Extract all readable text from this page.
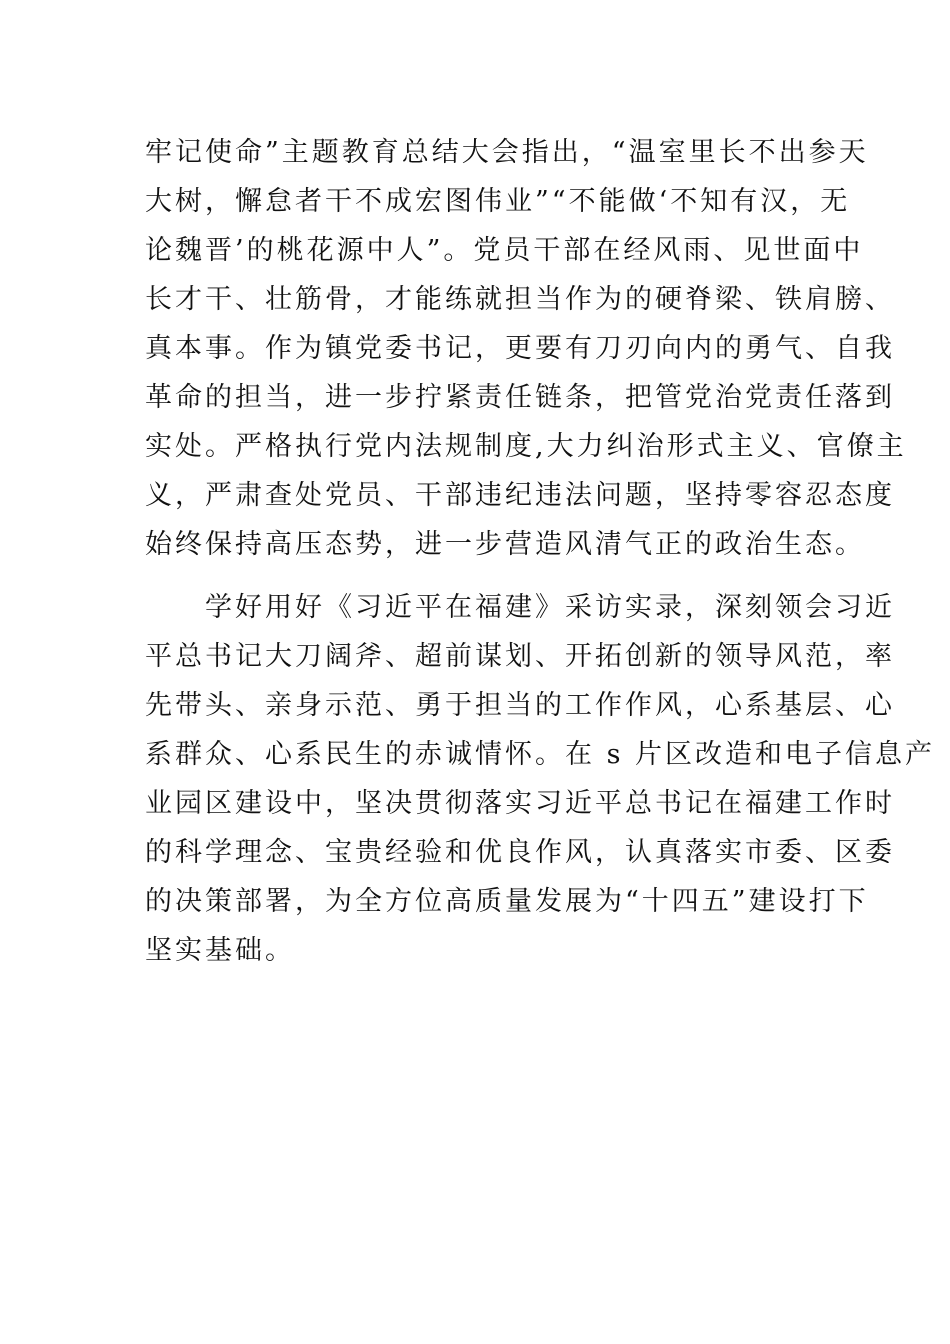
牢记使命”主题教育总结大会指出，“温室里长不出参天
大树，懈怠者干不成宏图伟业”“不能做‘不知有汉，无
论魏晋’的桃花源中人”。党员干部在经风雨、见世面中
长才干、壮筋骨，才能练就担当作为的硬脊梁、铁肩膀、
真本事。作为镇党委书记，更要有刀刃向内的勇气、自我
革命的担当，进一步拧紧责任链条，把管党治党责任落到
实处。严格执行党内法规制度,大力纠治形式主义、官僚主
义，严肃查处党员、干部违纪违法问题，坚持零容忍态度
始终保持高压态势，进一步营造风清气正的政治生态。
　　学好用好《习近平在福建》采访实录，深刻领会习近
平总书记大刀阔斧、超前谋划、开拓创新的领导风范，率
先带头、亲身示范、勇于担当的工作作风，心系基层、心
系群众、心系民生的赤诚情怀。在 s 片区改造和电子信息产
业园区建设中，坚决贯彻落实习近平总书记在福建工作时
的科学理念、宝贵经验和优良作风，认真落实市委、区委
的决策部署，为全方位高质量发展为“十四五”建设打下
坚实基础。
